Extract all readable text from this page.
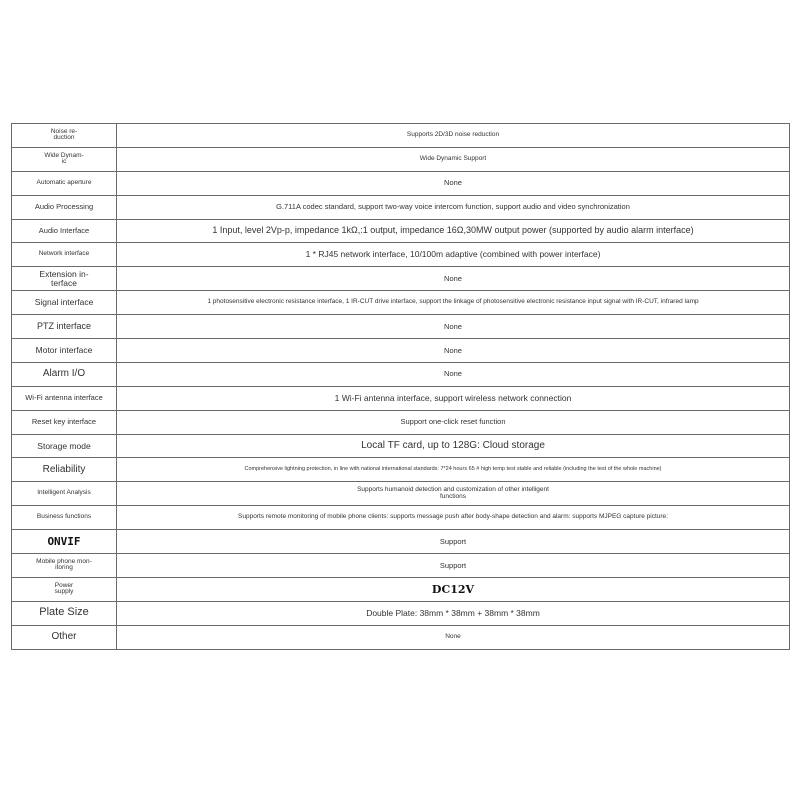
Noise re-
duction	Supports 2D/3D noise reduction
Wide Dynam-
ic	Wide Dynamic Support
Automatic aperture	None
Audio Processing	G.711A codec standard, support two-way voice intercom function, support audio and video synchronization
Audio Interface	1 Input, level 2Vp-p, impedance 1kΩ,:1 output, impedance 16Ω,30MW output power (supported by audio alarm interface)
Network interface	1 * RJ45 network interface, 10/100m adaptive (combined with power interface)
Extension in-
terface	None
Signal interface	1 photosensitive electronic resistance interface, 1 IR-CUT drive interface, support the linkage of photosensitive electronic resistance input signal with IR-CUT, infrared lamp
PTZ interface	None
Motor interface	None
Alarm I/O	None
Wi-Fi antenna interface	1 Wi-Fi antenna interface, support wireless network connection
Reset key interface	Support one-click reset function
Storage mode	Local TF card, up to 128G: Cloud storage
Reliability	Comprehensive lightning protection, in line with national international standards: 7*24 hours 65 # high temp test stable and reliable (including the test of the whole machine)
Intelligent Analysis	Supports humanoid detection and customization of other intelligent
functions
Business functions	Supports remote monitoring of mobile phone clients: supports message push after body-shape detection and alarm: supports MJPEG capture picture:
ONVIF	Support
Mobile phone mon-
itoring	Support
Power
supply	DC12V
Plate Size	Double Plate: 38mm * 38mm + 38mm * 38mm
Other	None
